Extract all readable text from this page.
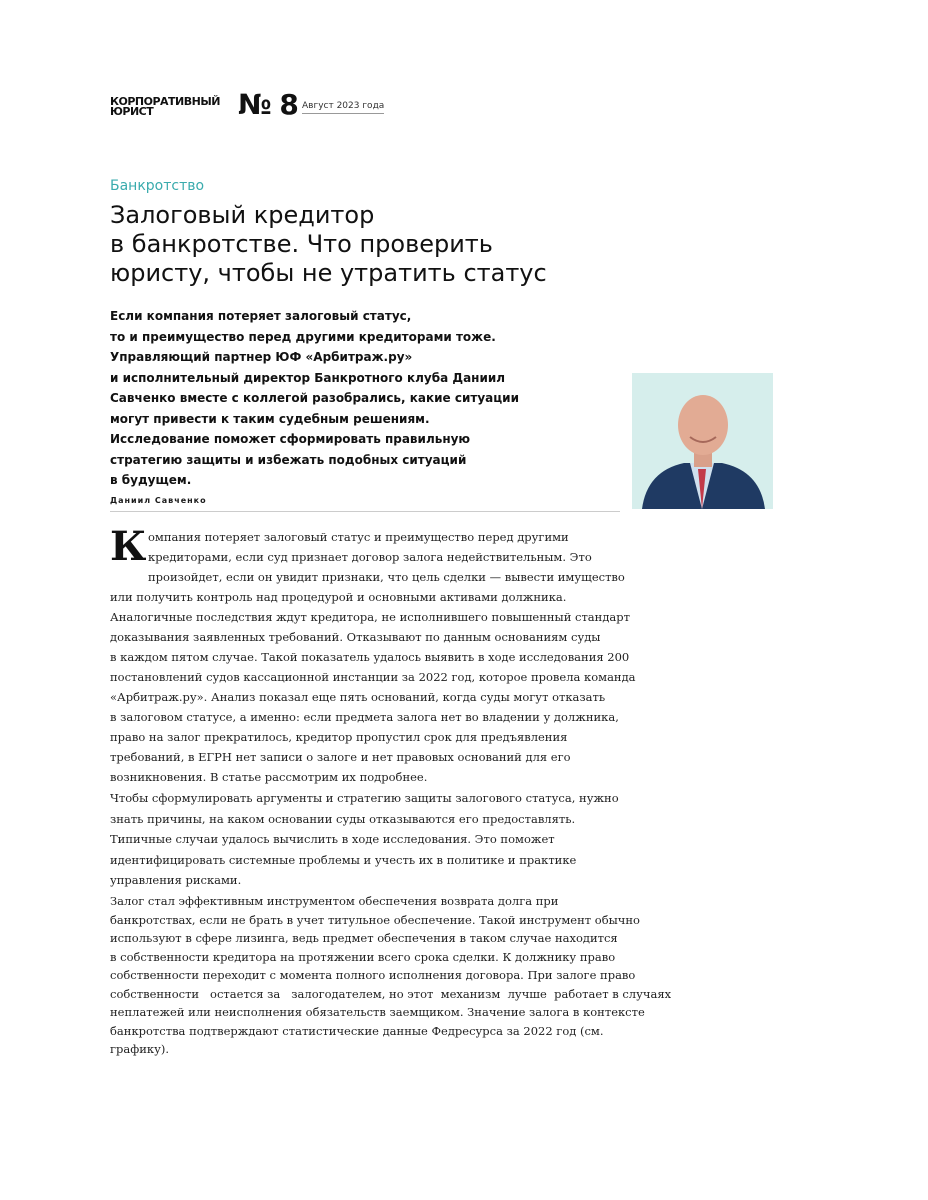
КОРПОРАТИВНЫЙ
ЮРИСТ	№ 8 Август 2023 года
Банкротство
Залоговый кредитор
в банкротстве. Что проверить
юристу, чтобы не утратить статус
Если компания потеряет залоговый статус,
то и преимущество перед другими кредиторами тоже.
Управляющий партнер ЮФ «Арбитраж.ру»
и исполнительный директор Банкротного клуба Даниил
Савченко вместе с коллегой разобрались, какие ситуации
могут привести к таким судебным решениям.
Исследование поможет сформировать правильную
стратегию защиты и избежать подобных ситуаций
в будущем.
Даниил Савченко
К омпания потеряет залоговый статус и преимущество перед другими
кредиторами, если суд признает договор залога недействительным. Это
произойдет, если он увидит признаки, что цель сделки — вывести имущество
или получить контроль над процедурой и основными активами должника.
Аналогичные последствия ждут кредитора, не исполнившего повышенный стандарт
доказывания заявленных требований. Отказывают по данным основаниям суды
в каждом пятом случае. Такой показатель удалось выявить в ходе исследования 200
постановлений судов кассационной инстанции за 2022 год, которое провела команда
«Арбитраж.ру». Анализ показал еще пять оснований, когда суды могут отказать
в залоговом статусе, а именно: если предмета залога нет во владении у должника,
право на залог прекратилось, кредитор пропустил срок для предъявления
требований, в ЕГРН нет записи о залоге и нет правовых оснований для его
возникновения. В статье рассмотрим их подробнее.
Чтобы сформулировать аргументы и стратегию защиты залогового статуса, нужно
знать причины, на каком основании суды отказываются его предоставлять.
Типичные случаи удалось вычислить в ходе исследования. Это поможет
идентифицировать системные проблемы и учесть их в политике и практике
управления рисками.
Залог стал эффективным инструментом обеспечения возврата долга при
банкротствах, если не брать в учет титульное обеспечение. Такой инструмент обычно
используют в сфере лизинга, ведь предмет обеспечения в таком случае находится
в собственности кредитора на протяжении всего срока сделки. К должнику право
собственности переходит с момента полного исполнения договора. При залоге право
собственности   остается за   залогодателем, но этот  механизм  лучше  работает в случаях
неплатежей или неисполнения обязательств заемщиком. Значение залога в контексте
банкротства подтверждают статистические данные Федресурса за 2022 год (см.
графику).
